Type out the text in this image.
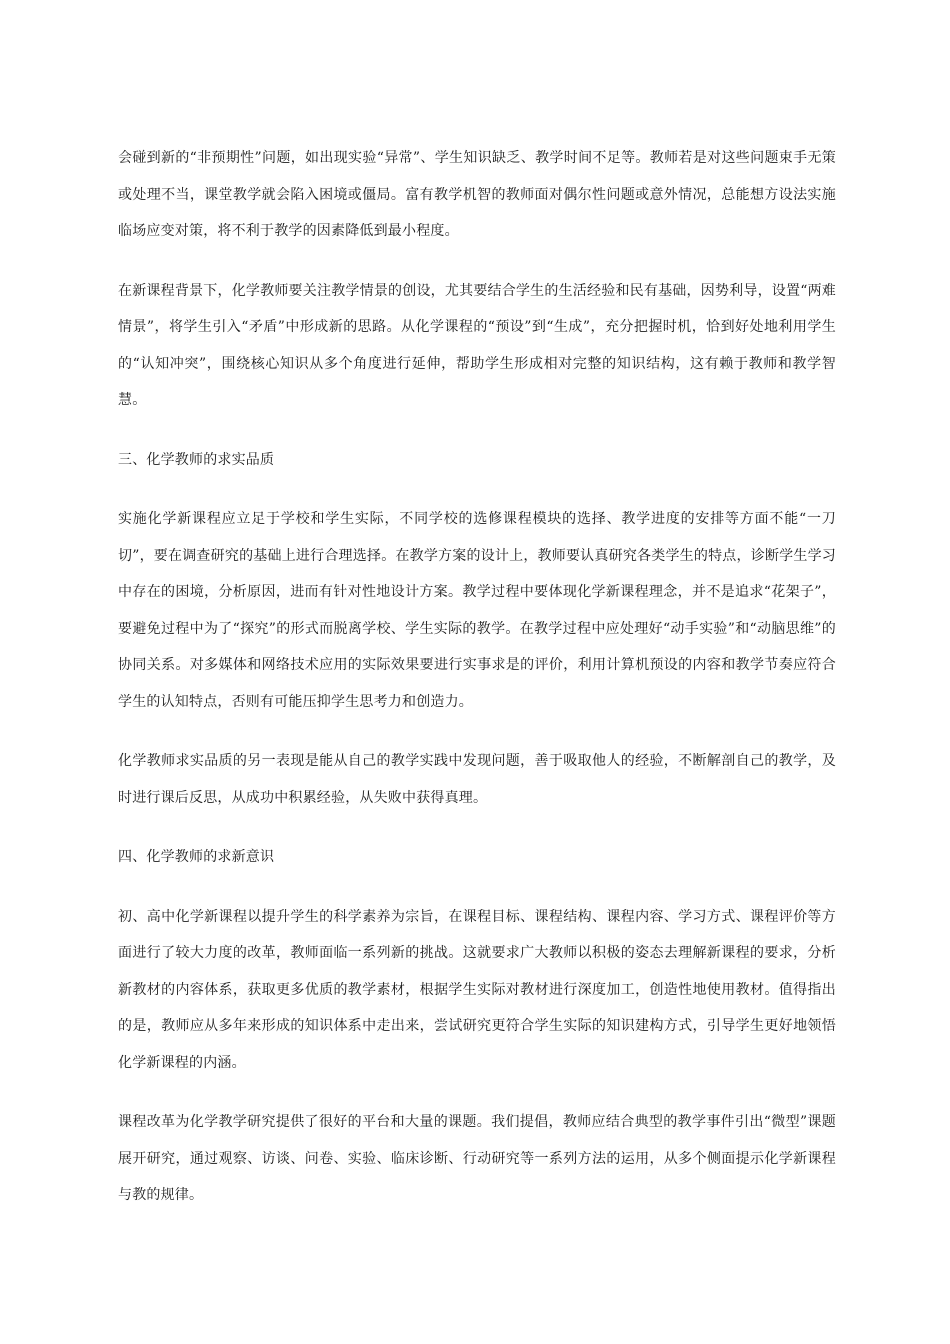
会碰到新的“非预期性”问题，如出现实验“异常”、学生知识缺乏、教学时间不足等。教师若是对这些问题束手无策或处理不当，课堂教学就会陷入困境或僵局。富有教学机智的教师面对偶尔性问题或意外情况，总能想方设法实施临场应变对策，将不利于教学的因素降低到最小程度。

在新课程背景下，化学教师要关注教学情景的创设，尤其要结合学生的生活经验和民有基础，因势利导，设置“两难情景”，将学生引入“矛盾”中形成新的思路。从化学课程的“预设”到“生成”，充分把握时机，恰到好处地利用学生的“认知冲突”，围绕核心知识从多个角度进行延伸，帮助学生形成相对完整的知识结构，这有赖于教师和教学智慧。

三、化学教师的求实品质

实施化学新课程应立足于学校和学生实际，不同学校的选修课程模块的选择、教学进度的安排等方面不能“一刀切”，要在调查研究的基础上进行合理选择。在教学方案的设计上，教师要认真研究各类学生的特点，诊断学生学习中存在的困境，分析原因，进而有针对性地设计方案。教学过程中要体现化学新课程理念，并不是追求“花架子”，要避免过程中为了“探究”的形式而脱离学校、学生实际的教学。在教学过程中应处理好“动手实验”和“动脑思维”的协同关系。对多媒体和网络技术应用的实际效果要进行实事求是的评价，利用计算机预设的内容和教学节奏应符合学生的认知特点，否则有可能压抑学生思考力和创造力。

化学教师求实品质的另一表现是能从自己的教学实践中发现问题，善于吸取他人的经验，不断解剖自己的教学，及时进行课后反思，从成功中积累经验，从失败中获得真理。

四、化学教师的求新意识

初、高中化学新课程以提升学生的科学素养为宗旨，在课程目标、课程结构、课程内容、学习方式、课程评价等方面进行了较大力度的改革，教师面临一系列新的挑战。这就要求广大教师以积极的姿态去理解新课程的要求，分析新教材的内容体系，获取更多优质的教学素材，根据学生实际对教材进行深度加工，创造性地使用教材。值得指出的是，教师应从多年来形成的知识体系中走出来，尝试研究更符合学生实际的知识建构方式，引导学生更好地领悟化学新课程的内涵。

课程改革为化学教学研究提供了很好的平台和大量的课题。我们提倡，教师应结合典型的教学事件引出“微型”课题展开研究，通过观察、访谈、问卷、实验、临床诊断、行动研究等一系列方法的运用，从多个侧面提示化学新课程与教的规律。
